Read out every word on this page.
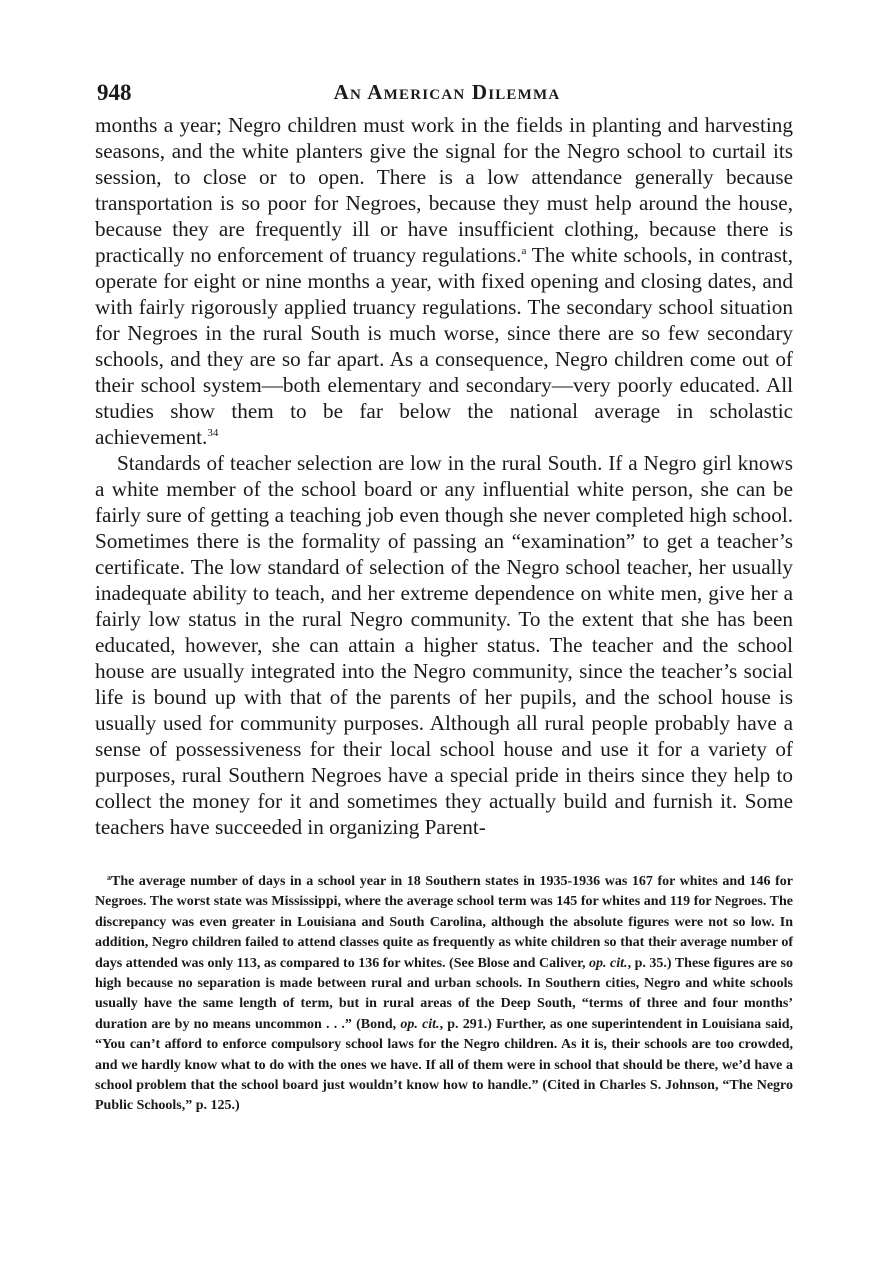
948	An American Dilemma

months a year; Negro children must work in the fields in planting and harvesting seasons, and the white planters give the signal for the Negro school to curtail its session, to close or to open. There is a low attendance generally because transportation is so poor for Negroes, because they must help around the house, because they are frequently ill or have insufficient clothing, because there is practically no enforcement of truancy regulations.$^a$ The white schools, in contrast, operate for eight or nine months a year, with fixed opening and closing dates, and with fairly rigorously applied truancy regulations. The secondary school situation for Negroes in the rural South is much worse, since there are so few secondary schools, and they are so far apart. As a consequence, Negro children come out of their school system—both elementary and secondary—very poorly educated. All studies show them to be far below the national average in scholastic achievement.$^{34}$

Standards of teacher selection are low in the rural South. If a Negro girl knows a white member of the school board or any influential white person, she can be fairly sure of getting a teaching job even though she never completed high school. Sometimes there is the formality of passing an “examination” to get a teacher’s certificate. The low standard of selection of the Negro school teacher, her usually inadequate ability to teach, and her extreme dependence on white men, give her a fairly low status in the rural Negro community. To the extent that she has been educated, however, she can attain a higher status. The teacher and the school house are usually integrated into the Negro community, since the teacher’s social life is bound up with that of the parents of her pupils, and the school house is usually used for community purposes. Although all rural people probably have a sense of possessiveness for their local school house and use it for a variety of purposes, rural Southern Negroes have a special pride in theirs since they help to collect the money for it and sometimes they actually build and furnish it. Some teachers have succeeded in organizing Parent-

$^a$The average number of days in a school year in 18 Southern states in 1935-1936 was 167 for whites and 146 for Negroes. The worst state was Mississippi, where the average school term was 145 for whites and 119 for Negroes. The discrepancy was even greater in Louisiana and South Carolina, although the absolute figures were not so low. In addition, Negro children failed to attend classes quite as frequently as white children so that their average number of days attended was only 113, as compared to 136 for whites. (See Blose and Caliver, op. cit., p. 35.) These figures are so high because no separation is made between rural and urban schools. In Southern cities, Negro and white schools usually have the same length of term, but in rural areas of the Deep South, “terms of three and four months’ duration are by no means uncommon . . .” (Bond, op. cit., p. 291.) Further, as one superintendent in Louisiana said, “You can’t afford to enforce compulsory school laws for the Negro children. As it is, their schools are too crowded, and we hardly know what to do with the ones we have. If all of them were in school that should be there, we’d have a school problem that the school board just wouldn’t know how to handle.” (Cited in Charles S. Johnson, “The Negro Public Schools,” p. 125.)
